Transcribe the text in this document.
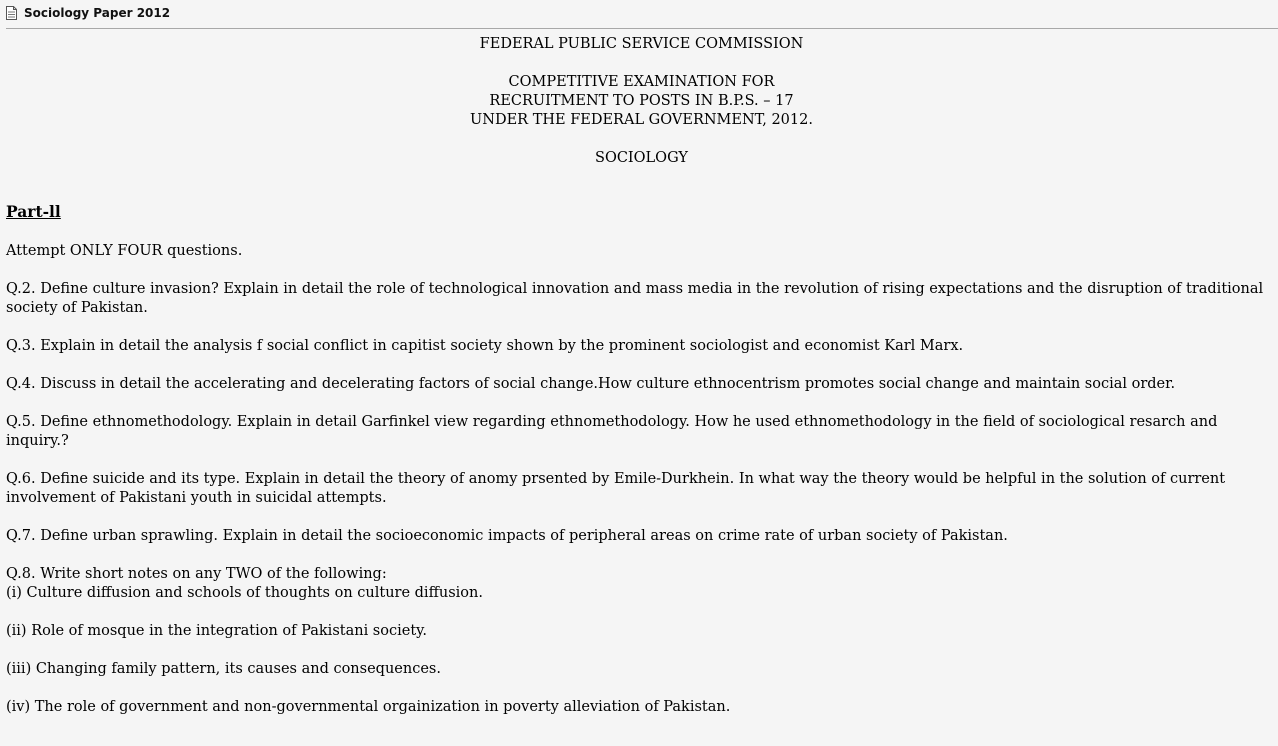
Sociology Paper 2012
FEDERAL PUBLIC SERVICE COMMISSION
COMPETITIVE EXAMINATION FOR
RECRUITMENT TO POSTS IN B.P.S. – 17
UNDER THE FEDERAL GOVERNMENT, 2012.
SOCIOLOGY
Part-ll
Attempt ONLY FOUR questions.
Q.2. Define culture invasion? Explain in detail the role of technological innovation and mass media in the revolution of rising expectations and the disruption of traditional society of Pakistan.
Q.3. Explain in detail the analysis f social conflict in capitist society shown by the prominent sociologist and economist Karl Marx.
Q.4. Discuss in detail the accelerating and decelerating factors of social change.How culture ethnocentrism promotes social change and maintain social order.
Q.5. Define ethnomethodology. Explain in detail Garfinkel view regarding ethnomethodology. How he used ethnomethodology in the field of sociological resarch and inquiry.?
Q.6. Define suicide and its type. Explain in detail the theory of anomy prsented by Emile-Durkhein. In what way the theory would be helpful in the solution of current involvement of Pakistani youth in suicidal attempts.
Q.7. Define urban sprawling. Explain in detail the socioeconomic impacts of peripheral areas on crime rate of urban society of Pakistan.
Q.8. Write short notes on any TWO of the following:
(i) Culture diffusion and schools of thoughts on culture diffusion.
(ii) Role of mosque in the integration of Pakistani society.
(iii) Changing family pattern, its causes and consequences.
(iv) The role of government and non-governmental orgainization in poverty alleviation of Pakistan.
